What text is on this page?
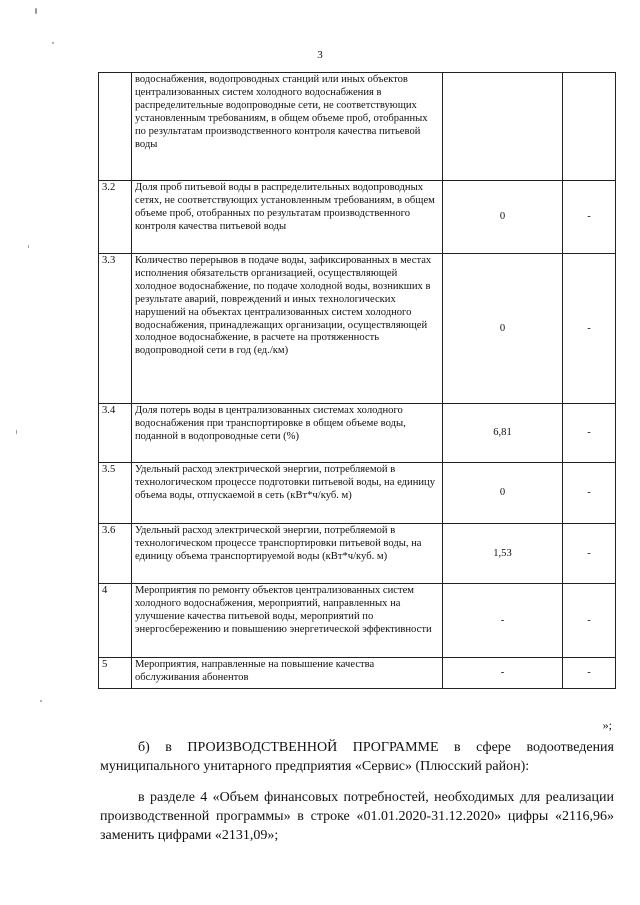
3
	водоснабжения, водопроводных станций или иных объектов централизованных систем холодного водоснабжения в распределительные водопроводные сети, не соответствующих установленным требованиям, в общем объеме проб, отобранных по результатам производственного контроля качества питьевой воды		
3.2	Доля проб питьевой воды в распределительных водопроводных сетях, не соответствующих установленным требованиям, в общем объеме проб, отобранных по результатам производственного контроля качества питьевой воды	0	-
3.3	Количество перерывов в подаче воды, зафиксированных в местах исполнения обязательств организацией, осуществляющей холодное водоснабжение, по подаче холодной воды, возникших в результате аварий, повреждений и иных технологических нарушений на объектах централизованных систем холодного водоснабжения, принадлежащих организации, осуществляющей холодное водоснабжение, в расчете на протяженность водопроводной сети в год (ед./км)	0	-
3.4	Доля потерь воды в централизованных системах холодного водоснабжения при транспортировке в общем объеме воды, поданной в водопроводные сети (%)	6,81	-
3.5	Удельный расход электрической энергии, потребляемой в технологическом процессе подготовки питьевой воды, на единицу объема воды, отпускаемой в сеть (кВт*ч/куб. м)	0	-
3.6	Удельный расход электрической энергии, потребляемой в технологическом процессе транспортировки питьевой воды, на единицу объема транспортируемой воды (кВт*ч/куб. м)	1,53	-
4	Мероприятия по ремонту объектов централизованных систем холодного водоснабжения, мероприятий, направленных на улучшение качества питьевой воды, мероприятий по энергосбережению и повышению энергетической эффективности	-	-
5	Мероприятия, направленные на повышение качества обслуживания абонентов	-	-
»;
б) в ПРОИЗВОДСТВЕННОЙ ПРОГРАММЕ в сфере водоотведения муниципального унитарного предприятия «Сервис» (Плюсский район):
в разделе 4 «Объем финансовых потребностей, необходимых для реализации производственной программы» в строке «01.01.2020-31.12.2020» цифры «2116,96» заменить цифрами «2131,09»;
